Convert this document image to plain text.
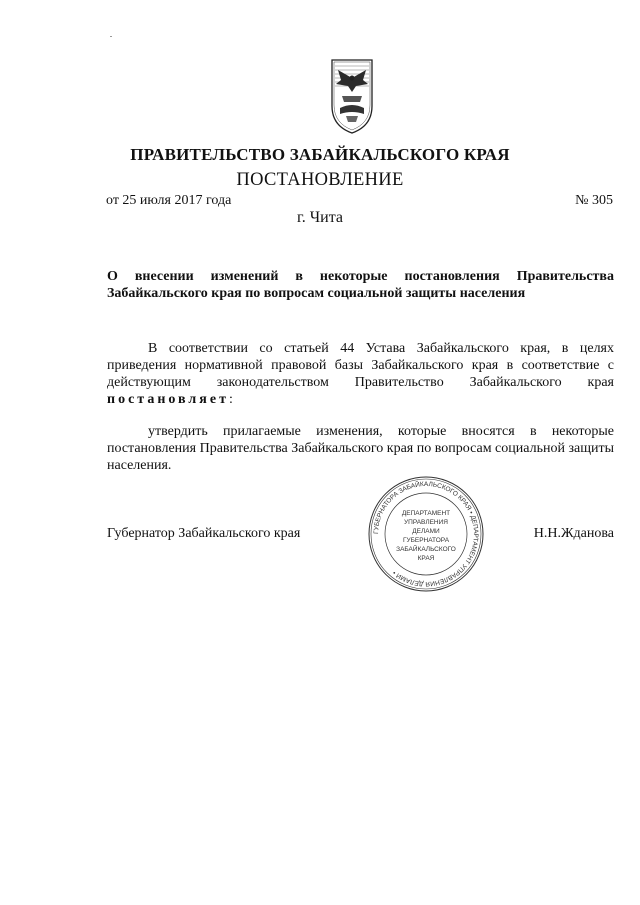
ПРАВИТЕЛЬСТВО ЗАБАЙКАЛЬСКОГО КРАЯ
ПОСТАНОВЛЕНИЕ
от 25 июля 2017 года	№ 305
г. Чита
О внесении изменений в некоторые постановления Правительства Забайкальского края по вопросам социальной защиты населения
В соответствии со статьей 44 Устава Забайкальского края, в целях приведения нормативной правовой базы Забайкальского края в соответствие с действующим законодательством Правительство Забайкальского края постановляет:
утвердить прилагаемые изменения, которые вносятся в некоторые постановления Правительства Забайкальского края по вопросам социальной защиты населения.
Губернатор Забайкальского края	Н.Н.Жданова
ГУБЕРНАТОРА ЗАБАЙКАЛЬСКОГО КРАЯ • ДЕПАРТАМЕНТ УПРАВЛЕНИЯ ДЕЛАМИ •
ДЕПАРТАМЕНТ
УПРАВЛЕНИЯ
ДЕЛАМИ
ГУБЕРНАТОРА
ЗАБАЙКАЛЬСКОГО
КРАЯ
